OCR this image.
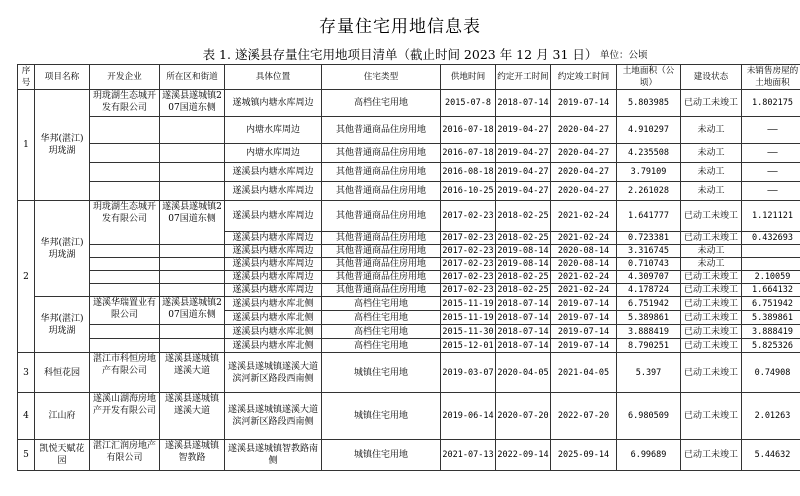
存量住宅用地信息表
表 1. 遂溪县存量住宅用地项目清单（截止时间 2023 年 12 月 31 日） 单位：公顷
序号	项目名称	开发企业	所在区和街道	具体位置	住宅类型	供地时间	约定开工时间	约定竣工时间	土地面积（公顷）	建设状态	未销售房屋的土地面积
1	华邦(湛江)玥珑湖	玥珑湖生态城开发有限公司	遂溪县遂城镇207国道东侧	遂城镇内塘水库周边	高档住宅用地	2015-07-8	2018-07-14	2019-07-14	5.803985	已动工未竣工	1.802175
				内塘水库周边	其他普通商品住房用地	2016-07-18	2019-04-27	2020-04-27	4.910297	未动工	——
				内塘水库周边	其他普通商品住房用地	2016-07-18	2019-04-27	2020-04-27	4.235508	未动工	——
				遂溪县内塘水库周边	其他普通商品住房用地	2016-08-18	2019-04-27	2020-04-27	3.79109	未动工	——
				遂溪县内塘水库周边	其他普通商品住房用地	2016-10-25	2019-04-27	2020-04-27	2.261028	未动工	——
2	华邦(湛江)玥珑湖	玥珑湖生态城开发有限公司	遂溪县遂城镇207国道东侧	遂溪县内塘水库周边	其他普通商品住房用地	2017-02-23	2018-02-25	2021-02-24	1.641777	已动工未竣工	1.121121
				遂溪县内塘水库周边	其他普通商品住房用地	2017-02-23	2018-02-25	2021-02-24	0.723381	已动工未竣工	0.432693
				遂溪县内塘水库周边	其他普通商品住房用地	2017-02-23	2019-08-14	2020-08-14	3.316745	未动工	
				遂溪县内塘水库周边	其他普通商品住房用地	2017-02-23	2019-08-14	2020-08-14	0.710743	未动工	
				遂溪县内塘水库周边	其他普通商品住房用地	2017-02-23	2018-02-25	2021-02-24	4.309707	已动工未竣工	2.10059
				遂溪县内塘水库周边	其他普通商品住房用地	2017-02-23	2018-02-25	2021-02-24	4.178724	已动工未竣工	1.664132
	华邦(湛江)玥珑湖	遂溪华瑞置业有限公司	遂溪县遂城镇207国道东侧	遂溪县内塘水库北侧	高档住宅用地	2015-11-19	2018-07-14	2019-07-14	6.751942	已动工未竣工	6.751942
				遂溪县内塘水库北侧	高档住宅用地	2015-11-19	2018-07-14	2019-07-14	5.389861	已动工未竣工	5.389861
				遂溪县内塘水库北侧	高档住宅用地	2015-11-30	2018-07-14	2019-07-14	3.888419	已动工未竣工	3.888419
				遂溪县内塘水库北侧	高档住宅用地	2015-12-01	2018-07-14	2019-07-14	8.790251	已动工未竣工	5.825326
3	科恒花园	湛江市科恒房地产有限公司	遂溪县遂城镇遂溪大道	遂溪县遂城镇遂溪大道滨河新区路段西南侧	城镇住宅用地	2019-03-07	2020-04-05	2021-04-05	5.397	已动工未竣工	0.74908
4	江山府	遂溪山湖海房地产开发有限公司	遂溪县遂城镇遂溪大道	遂溪县遂城镇遂溪大道滨河新区路段西南侧	城镇住宅用地	2019-06-14	2020-07-20	2022-07-20	6.980509	已动工未竣工	2.01263
5	凯悦天赋花园	湛江汇润房地产有限公司	遂溪县遂城镇智教路	遂溪县遂城镇智教路南侧	城镇住宅用地	2021-07-13	2022-09-14	2025-09-14	6.99689	已动工未竣工	5.44632
